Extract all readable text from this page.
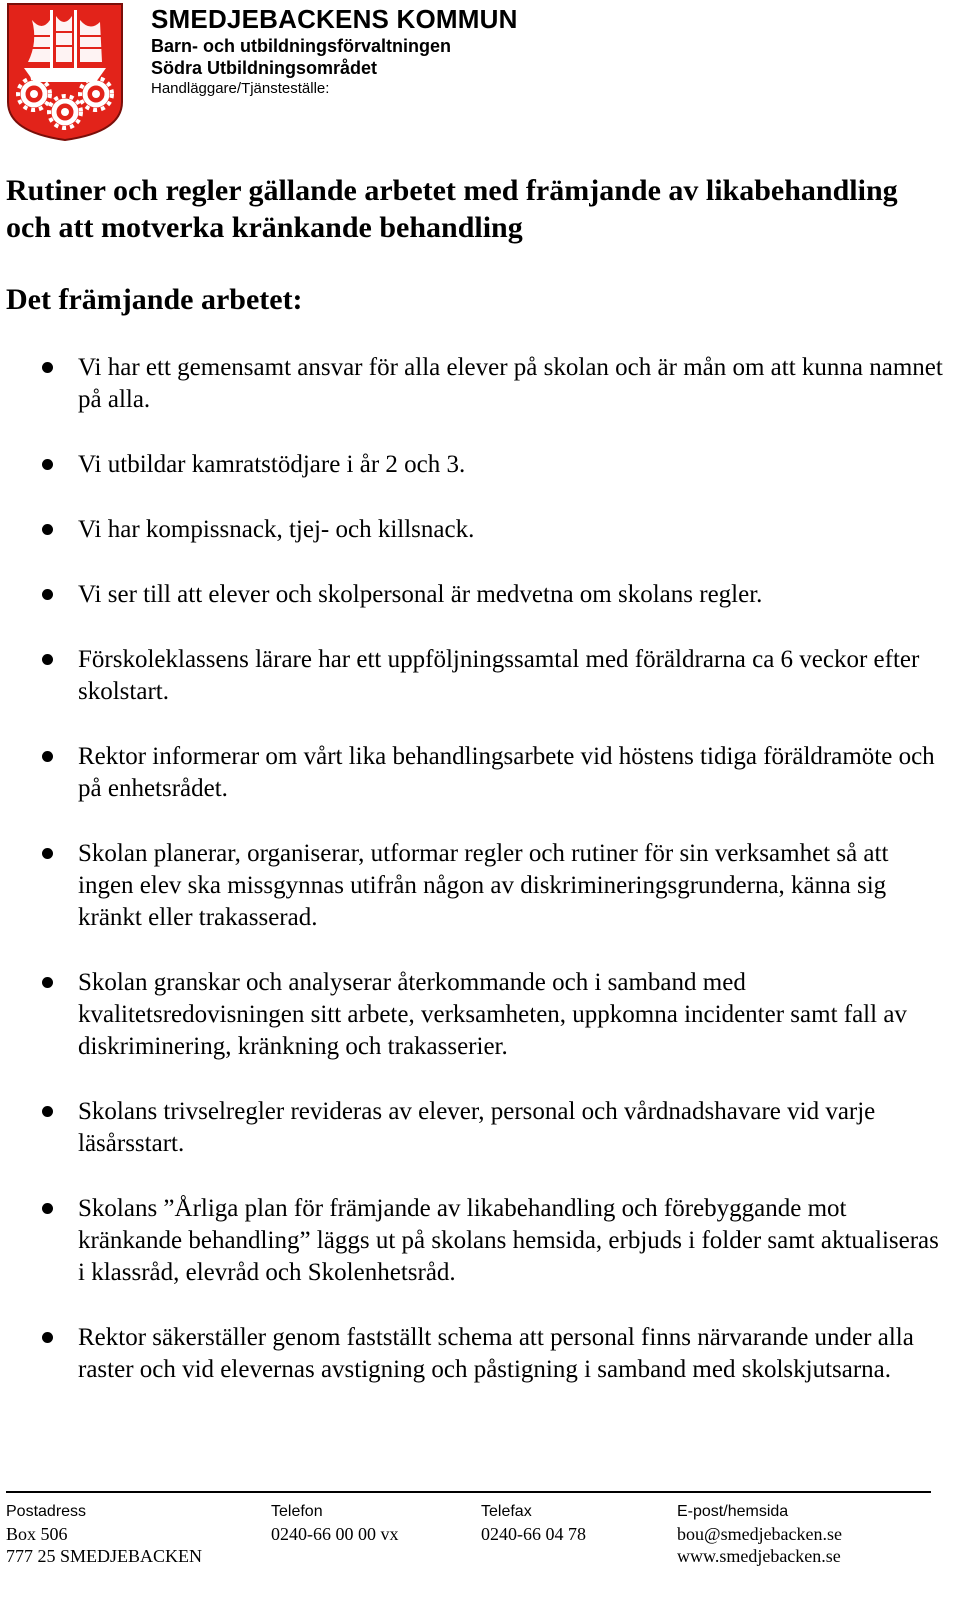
SMEDJEBACKENS KOMMUN
Barn- och utbildningsförvaltningen
Södra Utbildningsområdet
Handläggare/Tjänsteställe:
Rutiner och regler gällande arbetet med främjande av likabehandling och att motverka kränkande behandling
Det främjande arbetet:
Vi har ett gemensamt ansvar för alla elever på skolan och är mån om att kunna namnet på alla.
Vi utbildar kamratstödjare i år 2 och 3.
Vi har kompissnack, tjej- och killsnack.
Vi ser till att elever och skolpersonal är medvetna om skolans regler.
Förskoleklassens lärare har ett uppföljningssamtal med föräldrarna ca 6 veckor efter skolstart.
Rektor informerar om vårt lika behandlingsarbete vid höstens tidiga föräldramöte och på enhetsrådet.
Skolan planerar, organiserar, utformar regler och rutiner för sin verksamhet så att ingen elev ska missgynnas utifrån någon av diskrimineringsgrunderna, känna sig kränkt eller trakasserad.
Skolan granskar och analyserar återkommande och i samband med kvalitetsredovisningen sitt arbete, verksamheten, uppkomna incidenter samt fall av diskriminering, kränkning och trakasserier.
Skolans trivselregler revideras av elever, personal och vårdnadshavare vid varje läsårsstart.
Skolans ”Årliga plan för främjande av likabehandling och förebyggande mot kränkande behandling” läggs ut på skolans hemsida, erbjuds i folder samt aktualiseras i klassråd, elevråd och Skolenhetsråd.
Rektor säkerställer genom fastställt schema att personal finns närvarande under alla raster och vid elevernas avstigning och påstigning i samband med skolskjutsarna.
Postadress
Box 506
777 25 SMEDJEBACKEN
Telefon
0240-66 00 00 vx
Telefax
0240-66 04 78
E-post/hemsida
bou@smedjebacken.se
www.smedjebacken.se
